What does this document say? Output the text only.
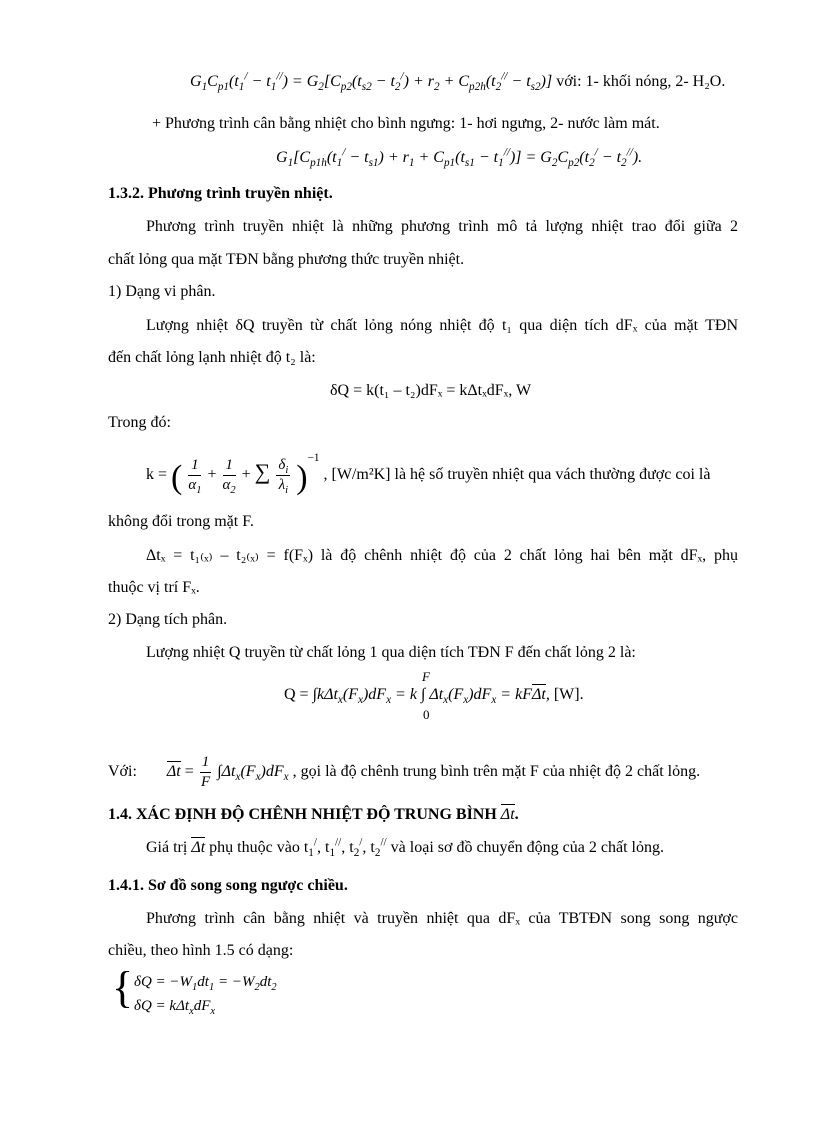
$G_1C_{p1}(t_1^/ - t_1^{//}) = G_2[C_{p2}(t_{s2} - t_2^/) + r_2 + C_{p2h}(t_2^{//} - t_{s2})]$ với: 1- khối nóng, 2- H₂O.
+ Phương trình cân bằng nhiệt cho bình ngưng: 1- hơi ngưng, 2- nước làm mát.
$G_1[C_{p1h}(t_1^/ - t_{s1}) + r_1 + C_{p1}(t_{s1} - t_1^{//})] = G_2C_{p2}(t_2^/ - t_2^{//})$.
1.3.2. Phương trình truyền nhiệt.
Phương trình truyền nhiệt là những phương trình mô tả lượng nhiệt trao đổi giữa 2
chất lỏng qua mặt TĐN bằng phương thức truyền nhiệt.
1) Dạng vi phân.
Lượng nhiệt δQ truyền từ chất lỏng nóng nhiệt độ t₁ qua diện tích dFₓ của mặt TĐN
đến chất lỏng lạnh nhiệt độ t₂ là:
δQ = k(t₁ – t₂)dFₓ = kΔtₓdFₓ, W
Trong đó:
k = ( $\frac{1}{\alpha_1} + \frac{1}{\alpha_2}$ + ∑ $\frac{\delta_i}{\lambda_i} )^{-1}$ , [W/m²K] là hệ số truyền nhiệt qua vách thường được coi là
không đổi trong mặt F.
Δtₓ = t₁₍ₓ₎ – t₂₍ₓ₎ = f(Fₓ) là độ chênh nhiệt độ của 2 chất lỏng hai bên mặt dFₓ, phụ
thuộc vị trí Fₓ.
2) Dạng tích phân.
Lượng nhiệt Q truyền từ chất lỏng 1 qua diện tích TĐN F đến chất lỏng 2 là:
$Q = \int k\Delta t_x(F_x)dF_x = k$
F
∫
0
$\Delta t_x(F_x)dF_x = kF\Delta t$, [W].
Với: $\Delta t = \frac{1}{F} \int\Delta t_x(F_x)dF_x$ , gọi là độ chênh trung bình trên mặt F của nhiệt độ 2 chất lỏng.
1.4. XÁC ĐỊNH ĐỘ CHÊNH NHIỆT ĐỘ TRUNG BÌNH Δt.
Giá trị Δt phụ thuộc vào $t_1^/$, $t_1^{//}$, $t_2^/$, $t_2^{//}$ và loại sơ đồ chuyển động của 2 chất lỏng.
1.4.1. Sơ đồ song song ngược chiều.
Phương trình cân bằng nhiệt và truyền nhiệt qua dFₓ của TBTĐN song song ngược
chiều, theo hình 1.5 có dạng:
{ $\delta Q = -W_1dt_1 = -W_2dt_2$
$\delta Q = k\Delta t_xdF_x$
